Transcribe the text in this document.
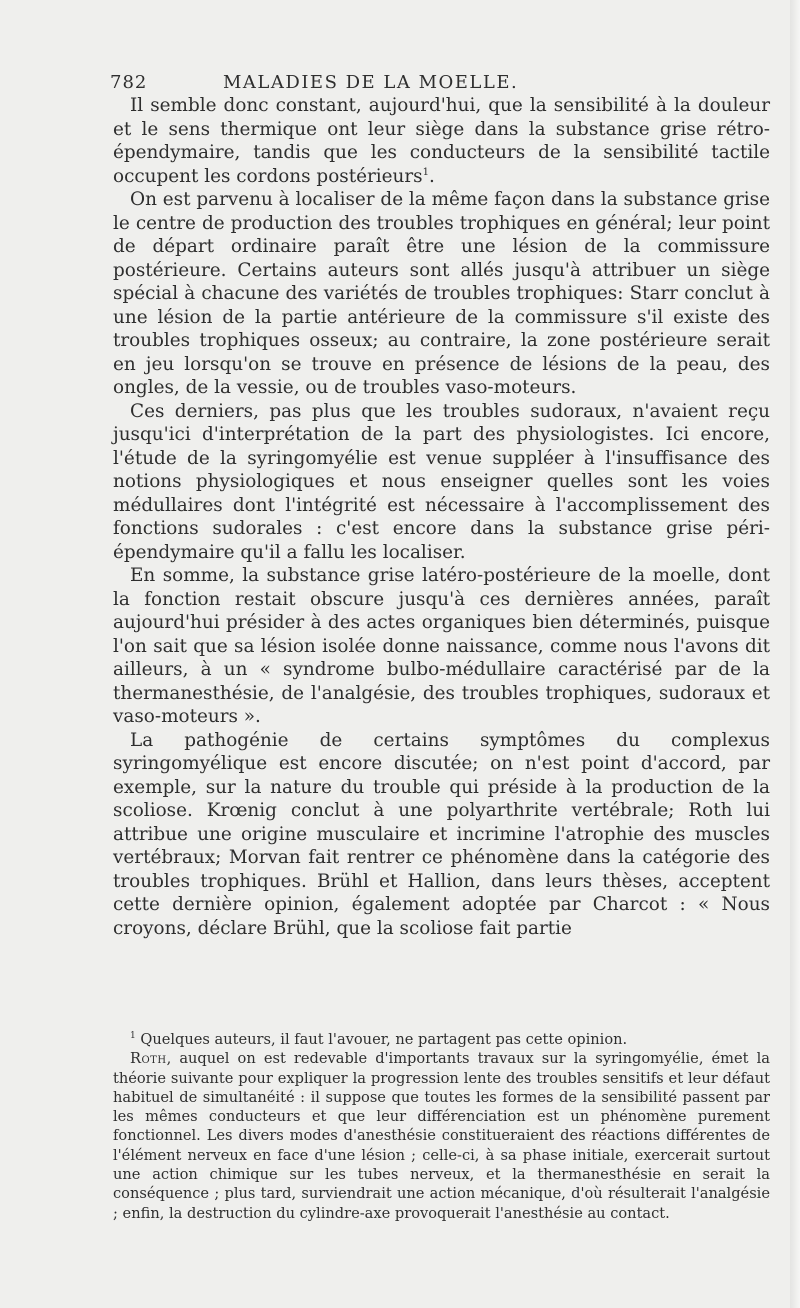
782	MALADIES DE LA MOELLE.

Il semble donc constant, aujourd'hui, que la sensibilité à la douleur et le sens thermique ont leur siège dans la substance grise rétro-épendymaire, tandis que les conducteurs de la sensibilité tactile occupent les cordons postérieurs$^1$.

On est parvenu à localiser de la même façon dans la substance grise le centre de production des troubles trophiques en général; leur point de départ ordinaire paraît être une lésion de la commissure postérieure. Certains auteurs sont allés jusqu'à attribuer un siège spécial à chacune des variétés de troubles trophiques: Starr conclut à une lésion de la partie antérieure de la commissure s'il existe des troubles trophiques osseux; au contraire, la zone postérieure serait en jeu lorsqu'on se trouve en présence de lésions de la peau, des ongles, de la vessie, ou de troubles vaso-moteurs.

Ces derniers, pas plus que les troubles sudoraux, n'avaient reçu jusqu'ici d'interprétation de la part des physiologistes. Ici encore, l'étude de la syringomyélie est venue suppléer à l'insuffisance des notions physiologiques et nous enseigner quelles sont les voies médullaires dont l'intégrité est nécessaire à l'accomplissement des fonctions sudorales : c'est encore dans la substance grise péri-épendymaire qu'il a fallu les localiser.

En somme, la substance grise latéro-postérieure de la moelle, dont la fonction restait obscure jusqu'à ces dernières années, paraît aujourd'hui présider à des actes organiques bien déterminés, puisque l'on sait que sa lésion isolée donne naissance, comme nous l'avons dit ailleurs, à un « syndrome bulbo-médullaire caractérisé par de la thermanesthésie, de l'analgésie, des troubles trophiques, sudoraux et vaso-moteurs ».

La pathogénie de certains symptômes du complexus syringomyélique est encore discutée; on n'est point d'accord, par exemple, sur la nature du trouble qui préside à la production de la scoliose. Krœnig conclut à une polyarthrite vertébrale; Roth lui attribue une origine musculaire et incrimine l'atrophie des muscles vertébraux; Morvan fait rentrer ce phénomène dans la catégorie des troubles trophiques. Brühl et Hallion, dans leurs thèses, acceptent cette dernière opinion, également adoptée par Charcot : « Nous croyons, déclare Brühl, que la scoliose fait partie

$^1$ Quelques auteurs, il faut l'avouer, ne partagent pas cette opinion.

Roth, auquel on est redevable d'importants travaux sur la syringomyélie, émet la théorie suivante pour expliquer la progression lente des troubles sensitifs et leur défaut habituel de simultanéité : il suppose que toutes les formes de la sensibilité passent par les mêmes conducteurs et que leur différenciation est un phénomène purement fonctionnel. Les divers modes d'anesthésie constitueraient des réactions différentes de l'élément nerveux en face d'une lésion ; celle-ci, à sa phase initiale, exercerait surtout une action chimique sur les tubes nerveux, et la thermanesthésie en serait la conséquence ; plus tard, surviendrait une action mécanique, d'où résulterait l'analgésie ; enfin, la destruction du cylindre-axe provoquerait l'anesthésie au contact.
